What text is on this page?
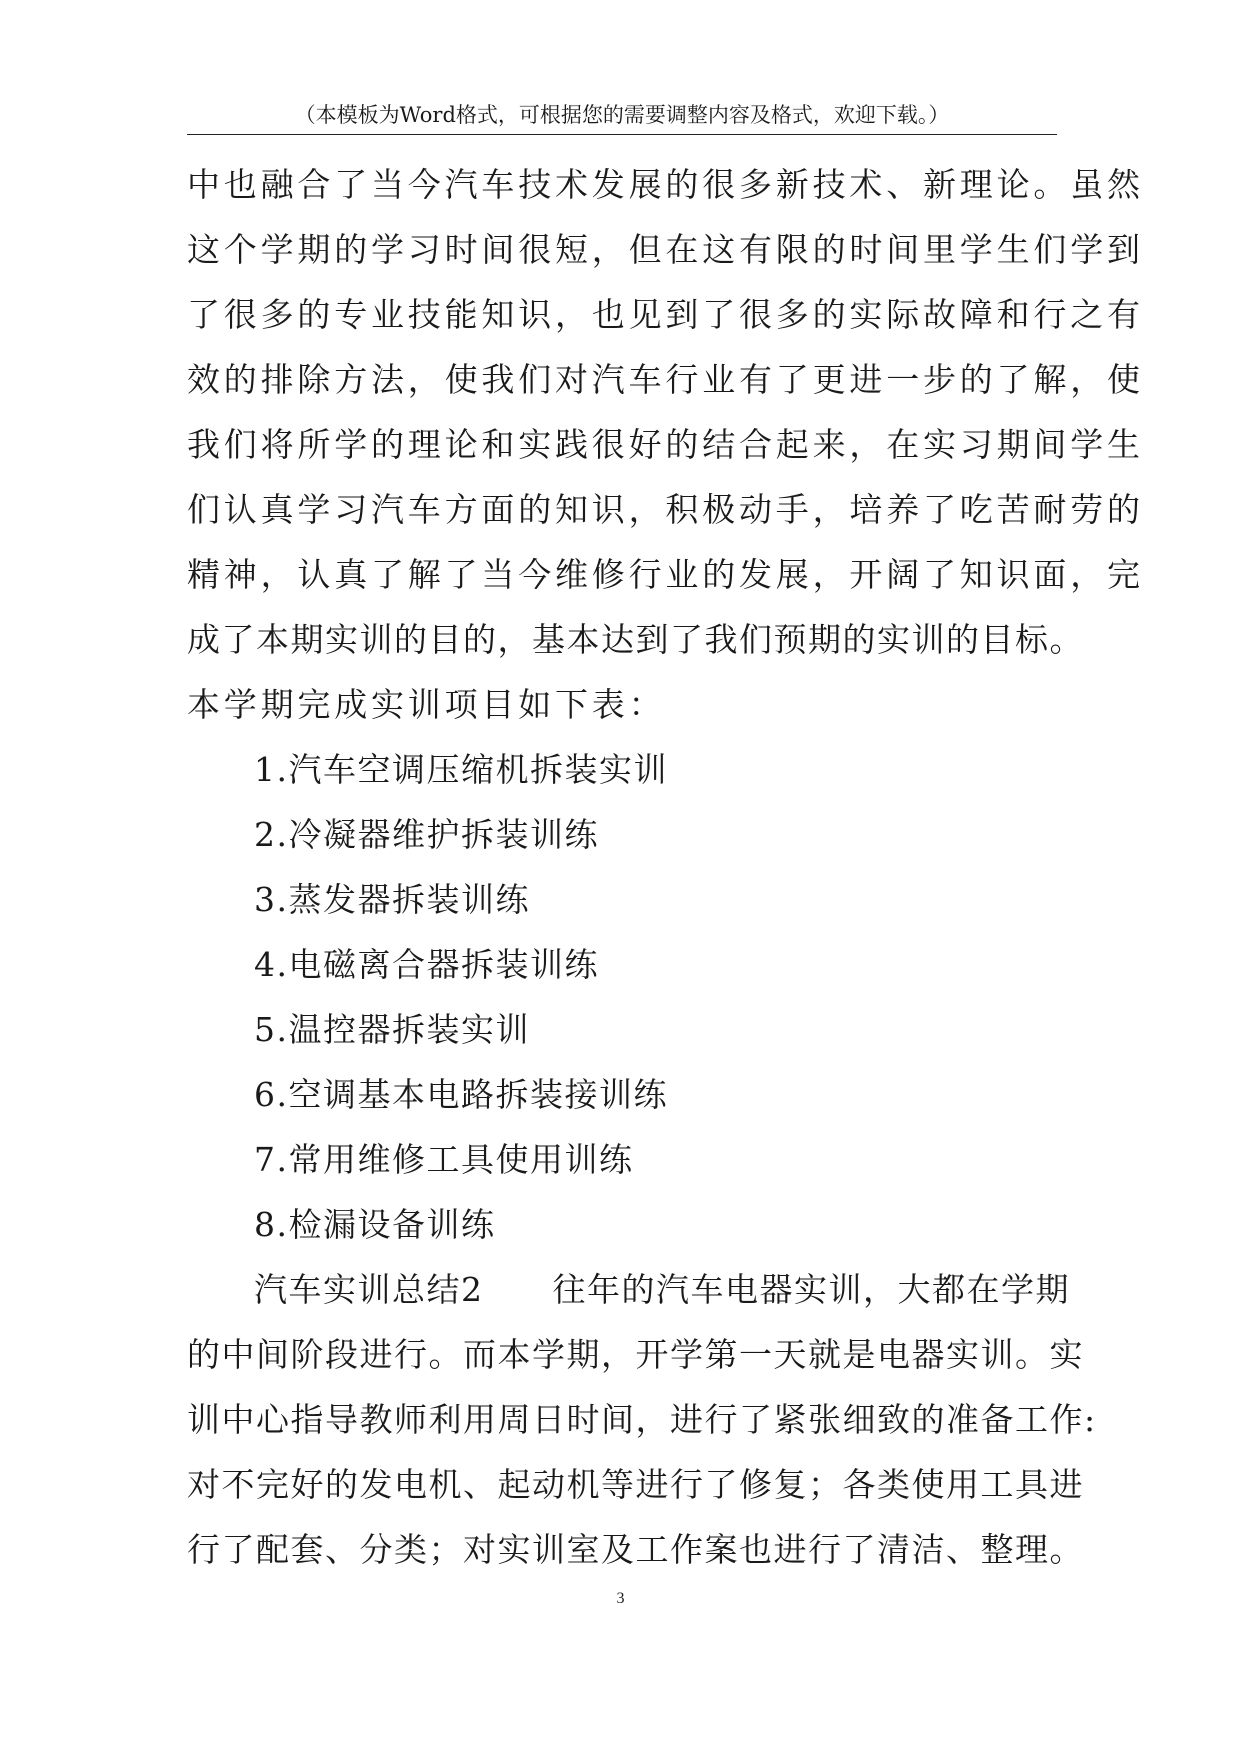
（本模板为Word格式，可根据您的需要调整内容及格式，欢迎下载。）
中也融合了当今汽车技术发展的很多新技术、新理论。虽然
这个学期的学习时间很短，但在这有限的时间里学生们学到
了很多的专业技能知识，也见到了很多的实际故障和行之有
效的排除方法，使我们对汽车行业有了更进一步的了解，使
我们将所学的理论和实践很好的结合起来，在实习期间学生
们认真学习汽车方面的知识，积极动手，培养了吃苦耐劳的
精神，认真了解了当今维修行业的发展，开阔了知识面，完
成了本期实训的目的，基本达到了我们预期的实训的目标。
本学期完成实训项目如下表：
1.汽车空调压缩机拆装实训
2.冷凝器维护拆装训练
3.蒸发器拆装训练
4.电磁离合器拆装训练
5.温控器拆装实训
6.空调基本电路拆装接训练
7.常用维修工具使用训练
8.检漏设备训练
汽车实训总结2　　往年的汽车电器实训，大都在学期
的中间阶段进行。而本学期，开学第一天就是电器实训。实
训中心指导教师利用周日时间，进行了紧张细致的准备工作:
对不完好的发电机、起动机等进行了修复；各类使用工具进
行了配套、分类；对实训室及工作案也进行了清洁、整理。
3
